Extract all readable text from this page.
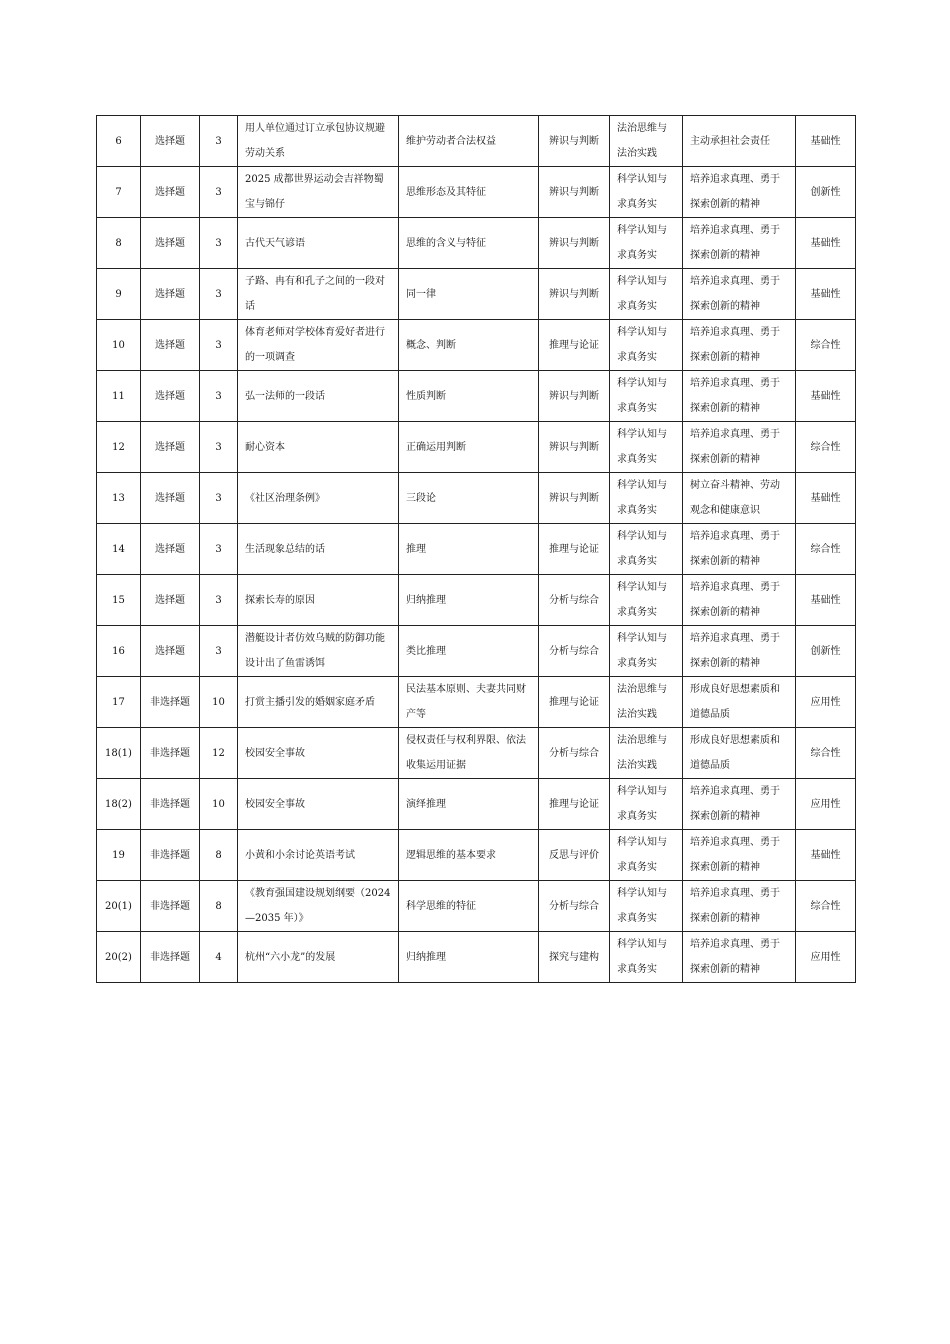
6	选择题	3	用人单位通过订立承包协议规避劳动关系	维护劳动者合法权益	辨识与判断	法治思维与法治实践	主动承担社会责任	基础性
7	选择题	3	2025 成都世界运动会吉祥物蜀宝与锦仔	思维形态及其特征	辨识与判断	科学认知与求真务实	培养追求真理、勇于探索创新的精神	创新性
8	选择题	3	古代天气谚语	思维的含义与特征	辨识与判断	科学认知与求真务实	培养追求真理、勇于探索创新的精神	基础性
9	选择题	3	子路、冉有和孔子之间的一段对话	同一律	辨识与判断	科学认知与求真务实	培养追求真理、勇于探索创新的精神	基础性
10	选择题	3	体育老师对学校体育爱好者进行的一项调查	概念、判断	推理与论证	科学认知与求真务实	培养追求真理、勇于探索创新的精神	综合性
11	选择题	3	弘一法师的一段话	性质判断	辨识与判断	科学认知与求真务实	培养追求真理、勇于探索创新的精神	基础性
12	选择题	3	耐心资本	正确运用判断	辨识与判断	科学认知与求真务实	培养追求真理、勇于探索创新的精神	综合性
13	选择题	3	《社区治理条例》	三段论	辨识与判断	科学认知与求真务实	树立奋斗精神、劳动观念和健康意识	基础性
14	选择题	3	生活现象总结的话	推理	推理与论证	科学认知与求真务实	培养追求真理、勇于探索创新的精神	综合性
15	选择题	3	探索长寿的原因	归纳推理	分析与综合	科学认知与求真务实	培养追求真理、勇于探索创新的精神	基础性
16	选择题	3	潜艇设计者仿效乌贼的防御功能设计出了鱼雷诱饵	类比推理	分析与综合	科学认知与求真务实	培养追求真理、勇于探索创新的精神	创新性
17	非选择题	10	打赏主播引发的婚姻家庭矛盾	民法基本原则、夫妻共同财产等	推理与论证	法治思维与法治实践	形成良好思想素质和道德品质	应用性
18(1)	非选择题	12	校园安全事故	侵权责任与权利界限、依法收集运用证据	分析与综合	法治思维与法治实践	形成良好思想素质和道德品质	综合性
18(2)	非选择题	10	校园安全事故	演绎推理	推理与论证	科学认知与求真务实	培养追求真理、勇于探索创新的精神	应用性
19	非选择题	8	小黄和小余讨论英语考试	逻辑思维的基本要求	反思与评价	科学认知与求真务实	培养追求真理、勇于探索创新的精神	基础性
20(1)	非选择题	8	《教育强国建设规划纲要（2024—2035 年）》	科学思维的特征	分析与综合	科学认知与求真务实	培养追求真理、勇于探索创新的精神	综合性
20(2)	非选择题	4	杭州“六小龙”的发展	归纳推理	探究与建构	科学认知与求真务实	培养追求真理、勇于探索创新的精神	应用性
